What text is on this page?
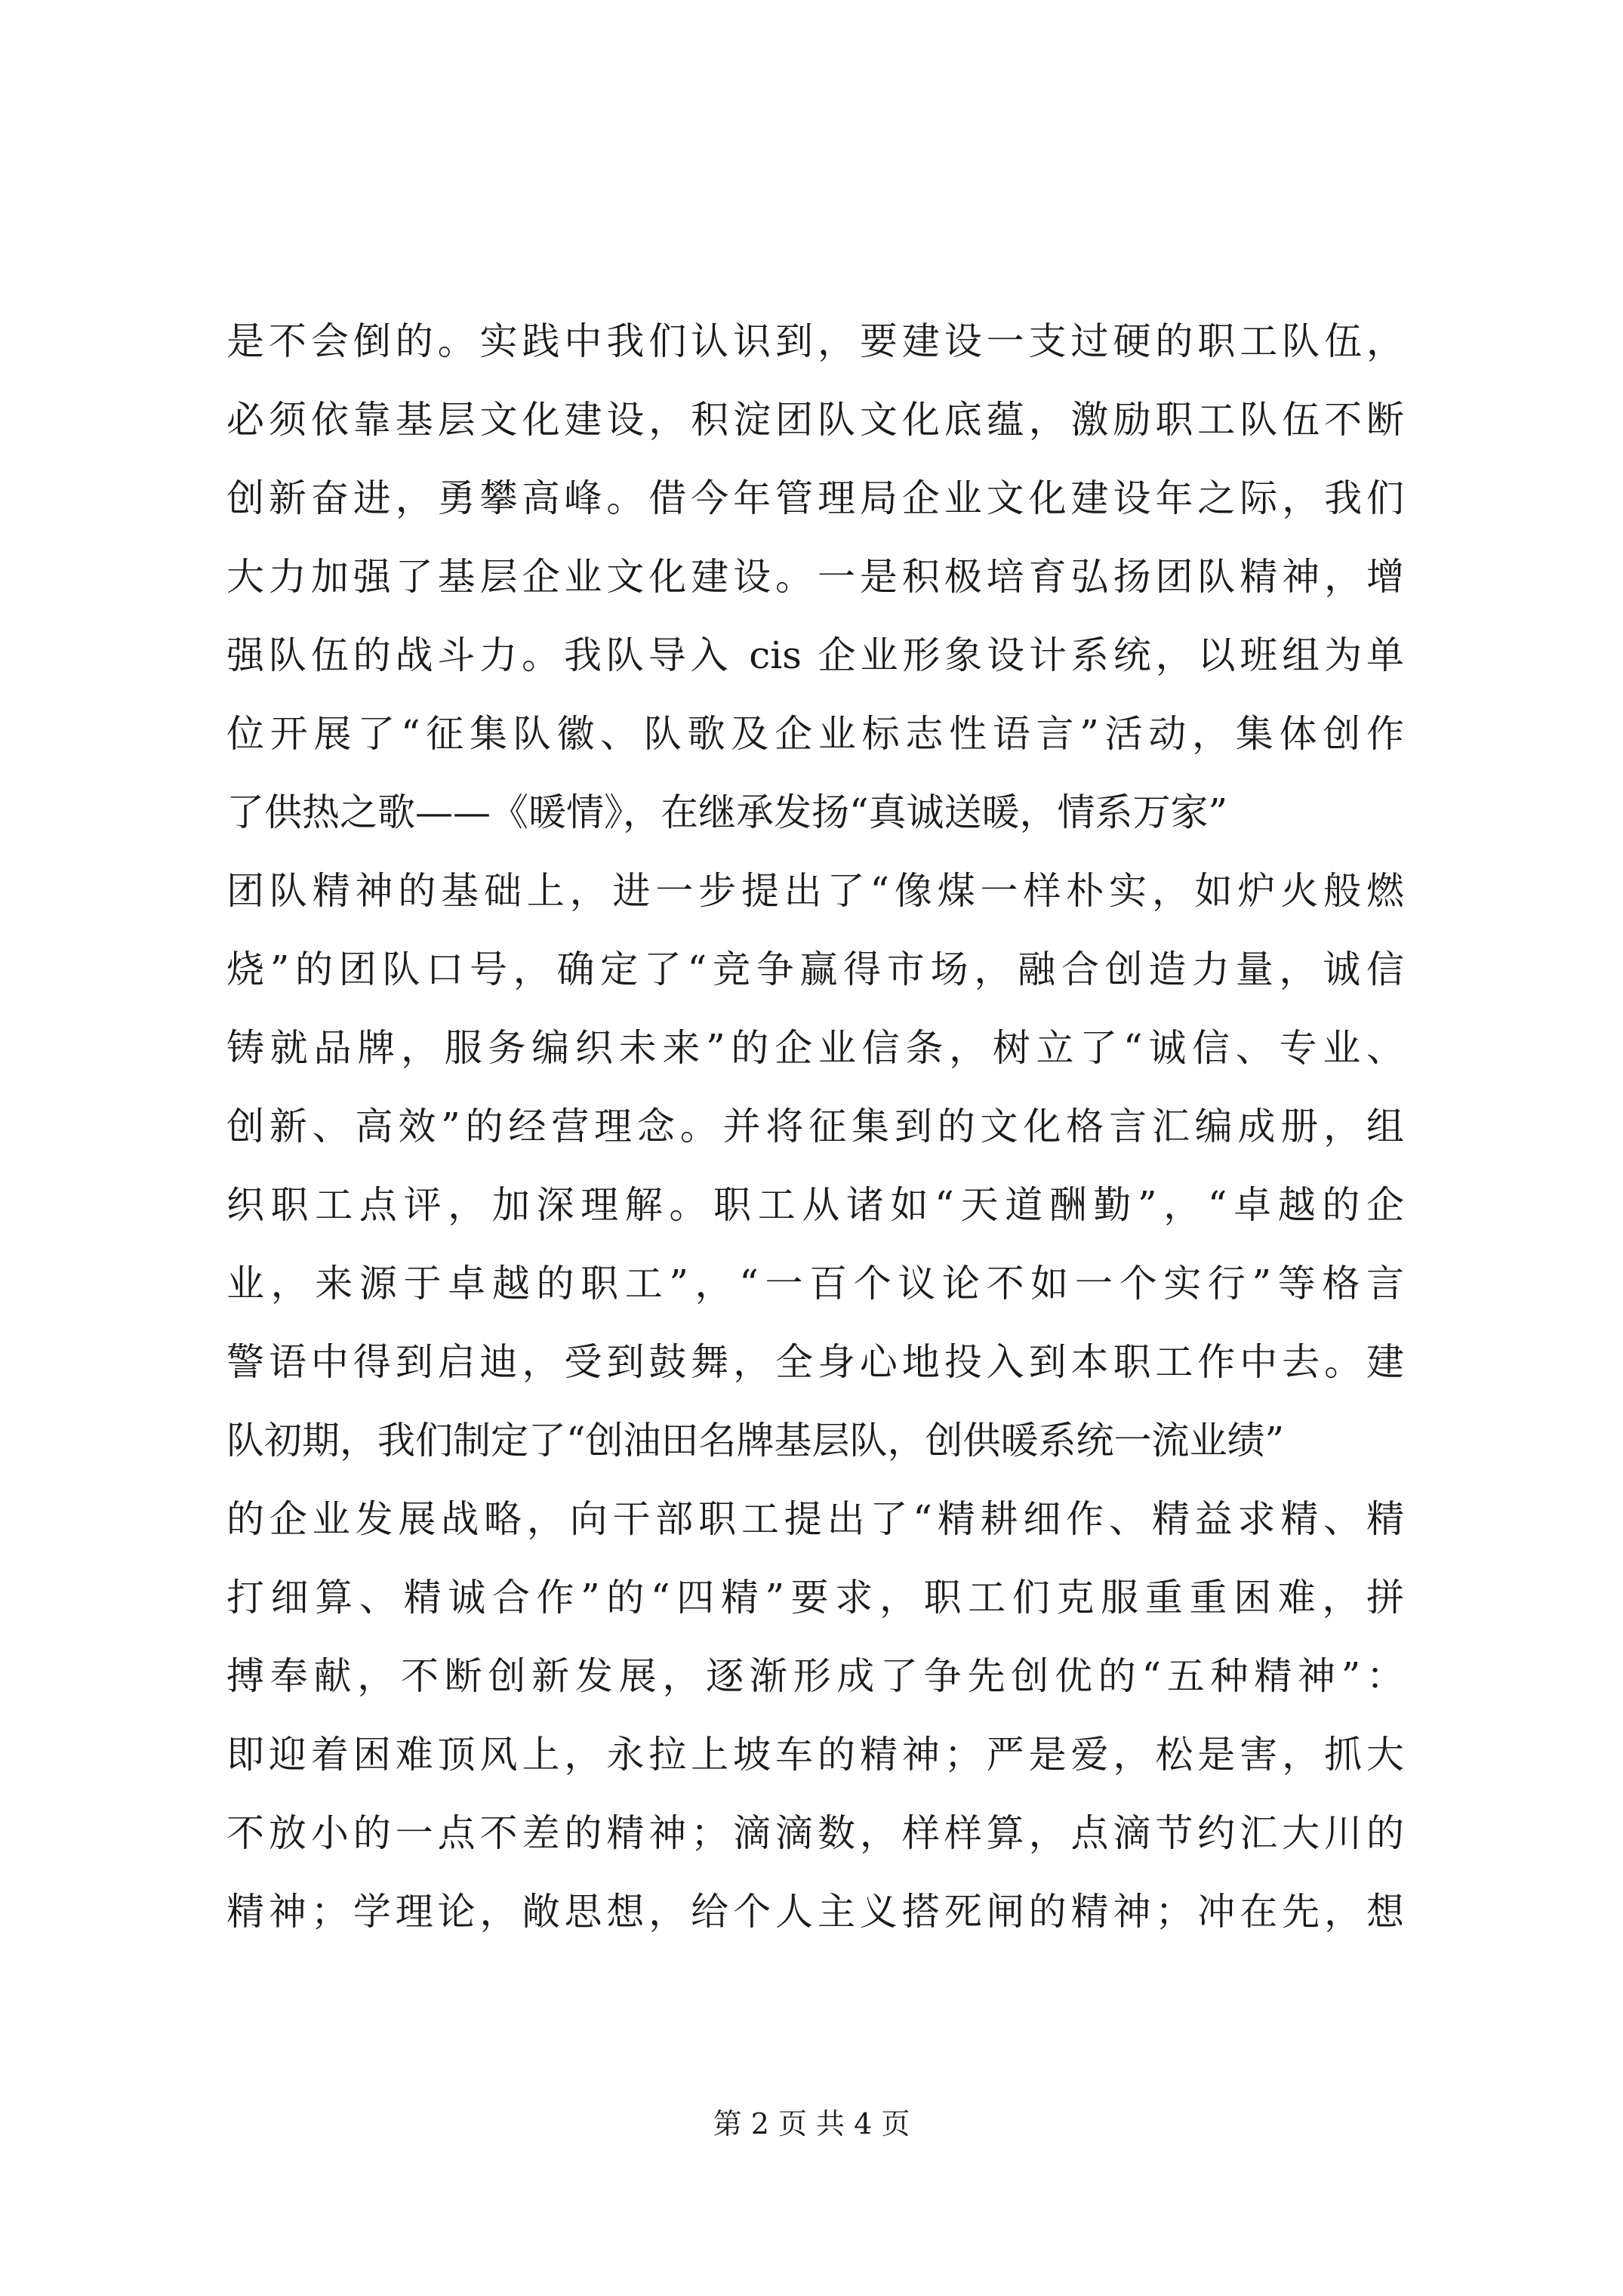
是不会倒的。实践中我们认识到，要建设一支过硬的职工队伍，
必须依靠基层文化建设，积淀团队文化底蕴，激励职工队伍不断
创新奋进，勇攀高峰。借今年管理局企业文化建设年之际，我们
大力加强了基层企业文化建设。一是积极培育弘扬团队精神，增
强队伍的战斗力。我队导入 cis 企业形象设计系统，以班组为单
位开展了“征集队徽、队歌及企业标志性语言”活动，集体创作
了供热之歌——《暖情》，在继承发扬“真诚送暖，情系万家”
团队精神的基础上，进一步提出了“像煤一样朴实，如炉火般燃
烧”的团队口号，确定了“竞争赢得市场，融合创造力量，诚信
铸就品牌，服务编织未来”的企业信条，树立了“诚信、专业、
创新、高效”的经营理念。并将征集到的文化格言汇编成册，组
织职工点评，加深理解。职工从诸如“天道酬勤”，“卓越的企
业，来源于卓越的职工”，“一百个议论不如一个实行”等格言
警语中得到启迪，受到鼓舞，全身心地投入到本职工作中去。建
队初期，我们制定了“创油田名牌基层队，创供暖系统一流业绩”
的企业发展战略，向干部职工提出了“精耕细作、精益求精、精
打细算、精诚合作”的“四精”要求，职工们克服重重困难，拼
搏奉献，不断创新发展，逐渐形成了争先创优的“五种精神”：
即迎着困难顶风上，永拉上坡车的精神；严是爱，松是害，抓大
不放小的一点不差的精神；滴滴数，样样算，点滴节约汇大川的
精神；学理论，敞思想，给个人主义搭死闸的精神；冲在先，想
第 2 页 共 4 页
